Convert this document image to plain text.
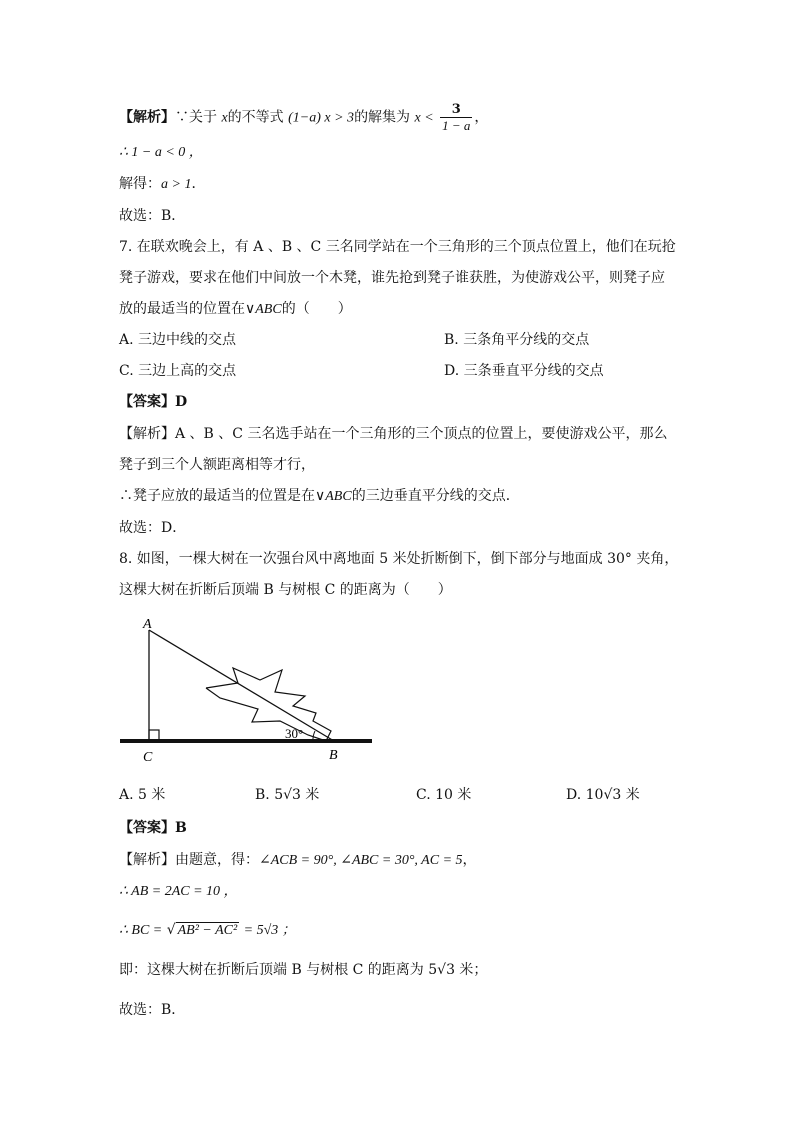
【解析】∵关于 x的不等式 (1−a) x > 3的解集为 $x < \frac{3}{1 - a}$ ，
∴ 1 − a < 0 ，
解得：a > 1．
故选：B．
7. 在联欢晚会上，有 A 、B 、C 三名同学站在一个三角形的三个顶点位置上，他们在玩抢
凳子游戏，要求在他们中间放一个木凳，谁先抢到凳子谁获胜，为使游戏公平，则凳子应
放的最适当的位置在∨ABC的（　　）
A. 三边中线的交点	B. 三条角平分线的交点
C. 三边上高的交点	D. 三条垂直平分线的交点
【答案】D
【解析】A 、B 、C 三名选手站在一个三角形的三个顶点的位置上，要使游戏公平，那么
凳子到三个人额距离相等才行，
∴凳子应放的最适当的位置是在∨ABC的三边垂直平分线的交点．
故选：D．
8. 如图，一棵大树在一次强台风中离地面 5 米处折断倒下，倒下部分与地面成 30° 夹角，
这棵大树在折断后顶端 B 与树根 C 的距离为（　　）
30°
A
C	B
A. 5 米	B. 5√3 米	C. 10 米	D. 10√3 米
【答案】B
【解析】由题意，得：∠ACB = 90°, ∠ABC = 30°, AC = 5，
∴ AB = 2AC = 10 ，
∴ BC = √ AB² − AC² = 5√3 ；
即：这棵大树在折断后顶端 B 与树根 C 的距离为 5√3 米；
故选：B．
